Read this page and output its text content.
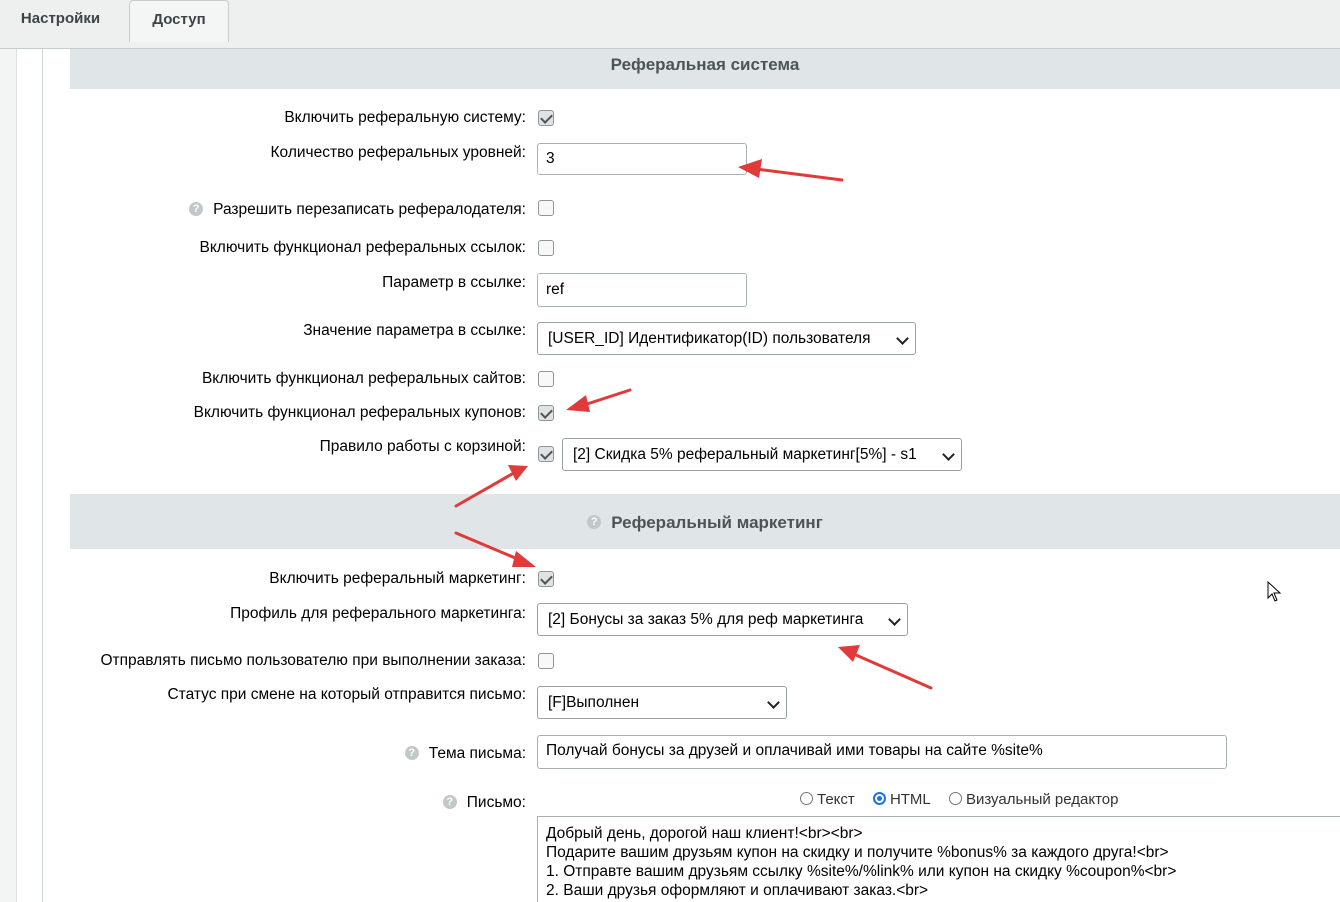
Настройки	Доступ
Реферальная система
Включить реферальную систему:
Количество реферальных уровней:	3
? Разрешить перезаписать рефералодателя:
Включить функционал реферальных ссылок:
Параметр в ссылке:	ref
Значение параметра в ссылке:	[USER_ID] Идентификатор(ID) пользователя
Включить функционал реферальных сайтов:
Включить функционал реферальных купонов:
Правило работы с корзиной:	[2] Скидка 5% реферальный маркетинг[5%] - s1
? Реферальный маркетинг
Включить реферальный маркетинг:
Профиль для реферального маркетинга:	[2] Бонусы за заказ 5% для реф маркетинга
Отправлять письмо пользователю при выполнении заказа:
Статус при смене на который отправится письмо:	[F]Выполнен
? Тема письма:	Получай бонусы за друзей и оплачивай ими товары на сайте %site%
? Письмо:	Текст HTML Визуальный редактор
Добрый день, дорогой наш клиент!<br><br>
Подарите вашим друзьям купон на скидку и получите %bonus% за каждого друга!<br>
1. Отправте вашим друзьям ссылку %site%/%link% или купон на скидку %coupon%<br>
2. Ваши друзья оформляют и оплачивают заказ.<br>
